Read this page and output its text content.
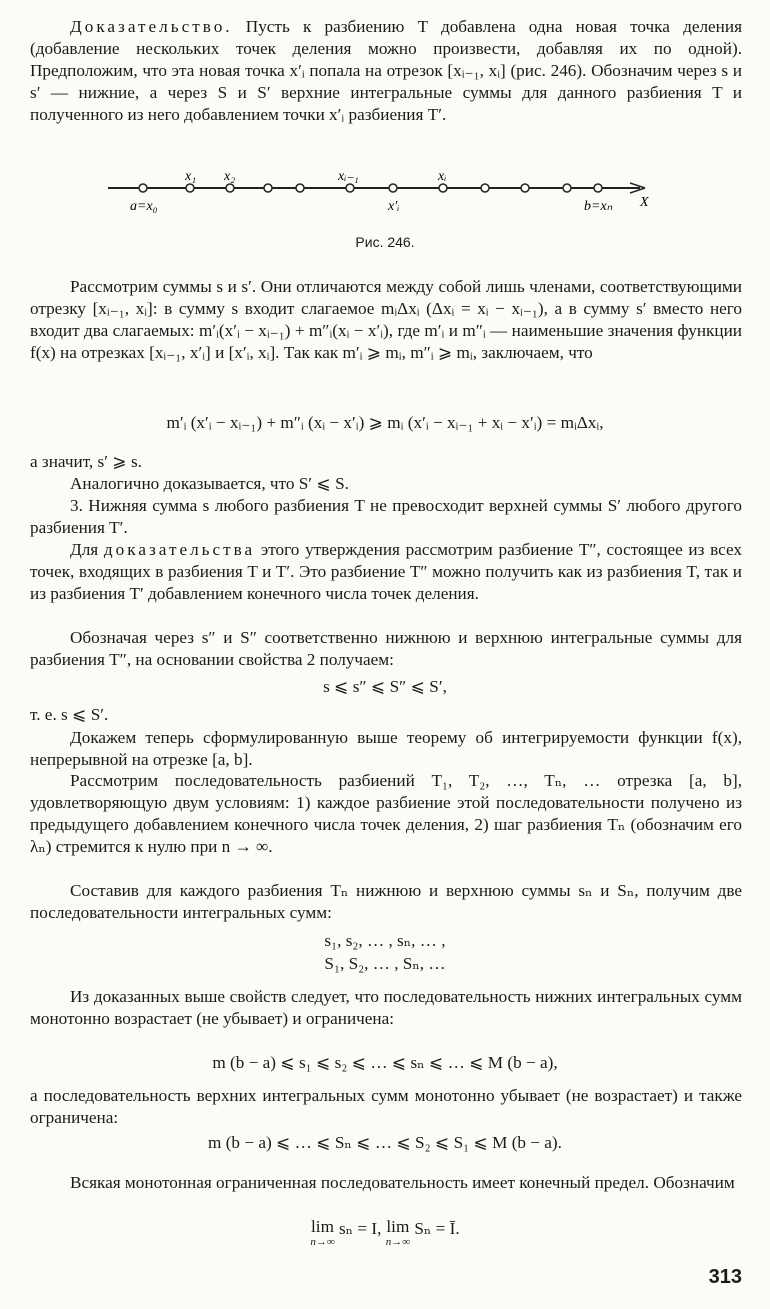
Доказательство. Пусть к разбиению T добавлена одна новая точка деления (добавление нескольких точек деления можно произвести, добавляя их по одной). Предположим, что эта новая точка x′ᵢ попала на отрезок [xᵢ₋₁, xᵢ] (рис. 246). Обозначим через s и s′ — нижние, а через S и S′ верхние интегральные суммы для данного разбиения T и полученного из него добавлением точки x′ᵢ разбиения T′.
a=x₀
x₁ x₂	xᵢ₋₁
x′ᵢ
xᵢ
b=xₙ X
Рис. 246.
Рассмотрим суммы s и s′. Они отличаются между собой лишь членами, соответствующими отрезку [xᵢ₋₁, xᵢ]: в сумму s входит слагаемое mᵢΔxᵢ (Δxᵢ = xᵢ − xᵢ₋₁), а в сумму s′ вместо него входит два слагаемых: m′ᵢ(x′ᵢ − xᵢ₋₁) + m″ᵢ(xᵢ − x′ᵢ), где m′ᵢ и m″ᵢ — наименьшие значения функции f(x) на отрезках [xᵢ₋₁, x′ᵢ] и [x′ᵢ, xᵢ]. Так как m′ᵢ ⩾ mᵢ, m″ᵢ ⩾ mᵢ, заключаем, что
m′ᵢ (x′ᵢ − xᵢ₋₁) + m″ᵢ (xᵢ − x′ᵢ) ⩾ mᵢ (x′ᵢ − xᵢ₋₁ + xᵢ − x′ᵢ) = mᵢΔxᵢ,
а значит, s′ ⩾ s.
Аналогично доказывается, что S′ ⩽ S.
3. Нижняя сумма s любого разбиения T не превосходит верхней суммы S′ любого другого разбиения T′.
Для доказательства этого утверждения рассмотрим разбиение T″, состоящее из всех точек, входящих в разбиения T и T′. Это разбиение T″ можно получить как из разбиения T, так и из разбиения T′ добавлением конечного числа точек деления.
Обозначая через s″ и S″ соответственно нижнюю и верхнюю интегральные суммы для разбиения T″, на основании свойства 2 получаем:
s ⩽ s″ ⩽ S″ ⩽ S′,
т. е. s ⩽ S′.
Докажем теперь сформулированную выше теорему об интегрируемости функции f(x), непрерывной на отрезке [a, b].
Рассмотрим последовательность разбиений T₁, T₂, …, Tₙ, … отрезка [a, b], удовлетворяющую двум условиям: 1) каждое разбиение этой последовательности получено из предыдущего добавлением конечного числа точек деления, 2) шаг разбиения Tₙ (обозначим его λₙ) стремится к нулю при n → ∞.
Составив для каждого разбиения Tₙ нижнюю и верхнюю суммы sₙ и Sₙ, получим две последовательности интегральных сумм:
s₁, s₂, … , sₙ, … ,
S₁, S₂, … , Sₙ, …
Из доказанных выше свойств следует, что последовательность нижних интегральных сумм монотонно возрастает (не убывает) и ограничена:
m (b − a) ⩽ s₁ ⩽ s₂ ⩽ … ⩽ sₙ ⩽ … ⩽ M (b − a),
а последовательность верхних интегральных сумм монотонно убывает (не возрастает) и также ограничена:
m (b − a) ⩽ … ⩽ Sₙ ⩽ … ⩽ S₂ ⩽ S₁ ⩽ M (b − a).
Всякая монотонная ограниченная последовательность имеет конечный предел. Обозначим
lim
n→∞
sₙ = I, lim
n→∞
Sₙ = Ī.
313
